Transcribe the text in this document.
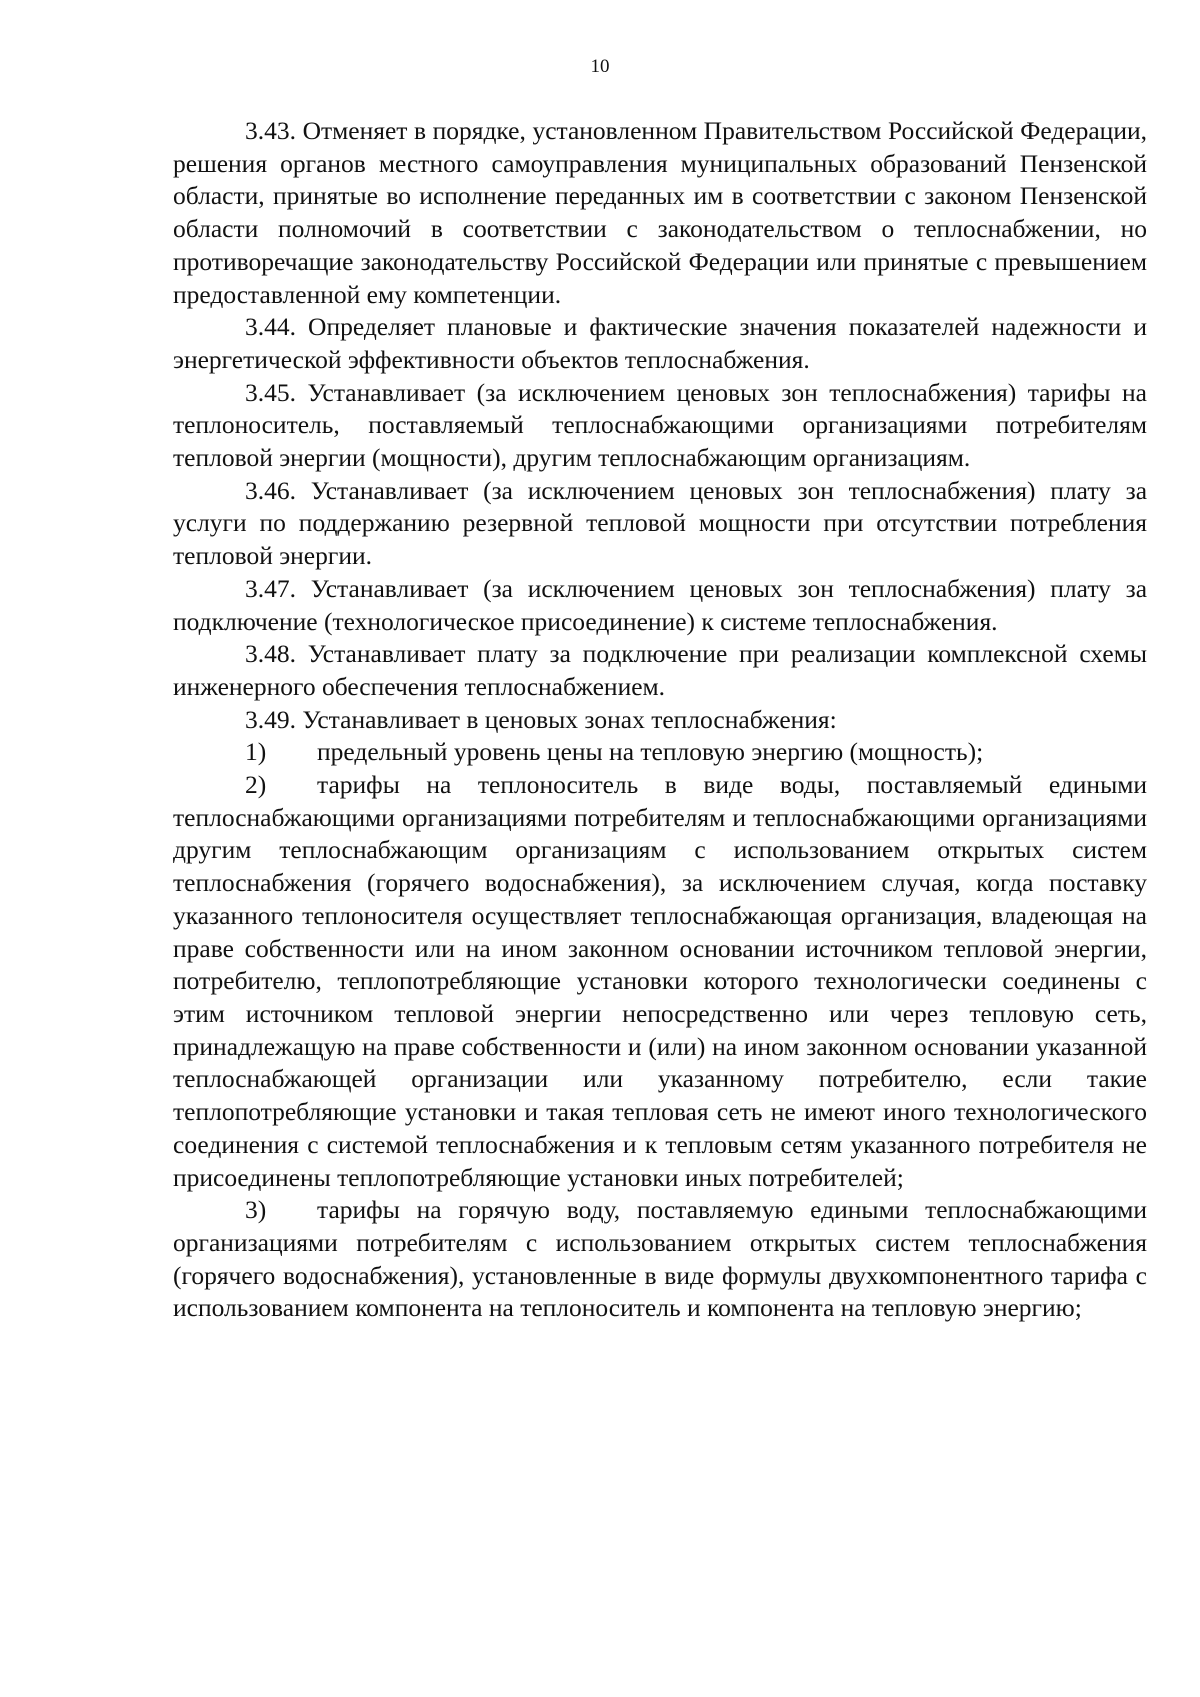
10

3.43. Отменяет в порядке, установленном Правительством Российской Федерации, решения органов местного самоуправления муниципальных образований Пензенской области, принятые во исполнение переданных им в соответствии с законом Пензенской области полномочий в соответствии с законодательством о теплоснабжении, но противоречащие законодательству Российской Федерации или принятые с превышением предоставленной ему компетенции.

3.44. Определяет плановые и фактические значения показателей надежности и энергетической эффективности объектов теплоснабжения.

3.45. Устанавливает (за исключением ценовых зон теплоснабжения) тарифы на теплоноситель, поставляемый теплоснабжающими организациями потребителям тепловой энергии (мощности), другим теплоснабжающим организациям.

3.46. Устанавливает (за исключением ценовых зон теплоснабжения) плату за услуги по поддержанию резервной тепловой мощности при отсутствии потребления тепловой энергии.

3.47. Устанавливает (за исключением ценовых зон теплоснабжения) плату за подключение (технологическое присоединение) к системе теплоснабжения.

3.48. Устанавливает плату за подключение при реализации комплексной схемы инженерного обеспечения теплоснабжением.

3.49. Устанавливает в ценовых зонах теплоснабжения:

1) предельный уровень цены на тепловую энергию (мощность);

2) тарифы на теплоноситель в виде воды, поставляемый едиными теплоснабжающими организациями потребителям и теплоснабжающими организациями другим теплоснабжающим организациям с использованием открытых систем теплоснабжения (горячего водоснабжения), за исключением случая, когда поставку указанного теплоносителя осуществляет теплоснабжающая организация, владеющая на праве собственности или на ином законном основании источником тепловой энергии, потребителю, теплопотребляющие установки которого технологически соединены с этим источником тепловой энергии непосредственно или через тепловую сеть, принадлежащую на праве собственности и (или) на ином законном основании указанной теплоснабжающей организации или указанному потребителю, если такие теплопотребляющие установки и такая тепловая сеть не имеют иного технологического соединения с системой теплоснабжения и к тепловым сетям указанного потребителя не присоединены теплопотребляющие установки иных потребителей;

3) тарифы на горячую воду, поставляемую едиными теплоснабжающими организациями потребителям с использованием открытых систем теплоснабжения (горячего водоснабжения), установленные в виде формулы двухкомпонентного тарифа с использованием компонента на теплоноситель и компонента на тепловую энергию;
